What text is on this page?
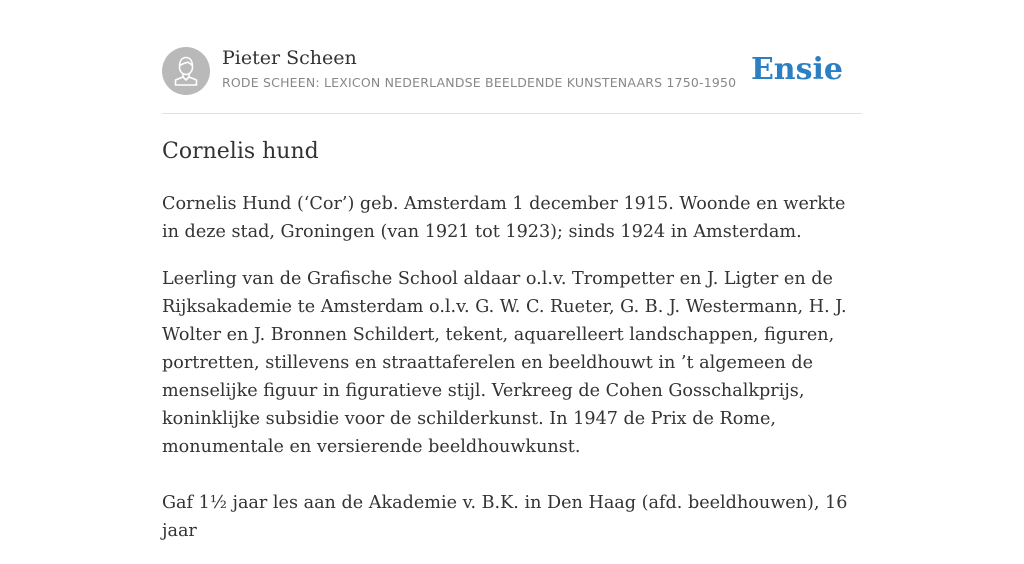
Pieter Scheen
RODE SCHEEN: LEXICON NEDERLANDSE BEELDENDE KUNSTENAARS 1750-1950 Ensie
Cornelis hund

Cornelis Hund (‘Cor’) geb. Amsterdam 1 december 1915. Woonde en werkte in deze stad, Groningen (van 1921 tot 1923); sinds 1924 in Amsterdam.

Leerling van de Grafische School aldaar o.l.v. Trompetter en J. Ligter en de Rijksakademie te Amsterdam o.l.v. G. W. C. Rueter, G. B. J. Westermann, H. J. Wolter en J. Bronnen Schildert, tekent, aquarelleert landschappen, figuren, portretten, stillevens en straattaferelen en beeldhouwt in ’t algemeen de menselijke figuur in figuratieve stijl. Verkreeg de Cohen Gosschalkprijs, koninklijke subsidie voor de schilderkunst. In 1947 de Prix de Rome, monumentale en versierende beeldhouwkunst.

Gaf 1½ jaar les aan de Akademie v. B.K. in Den Haag (afd. beeldhouwen), 16 jaar
